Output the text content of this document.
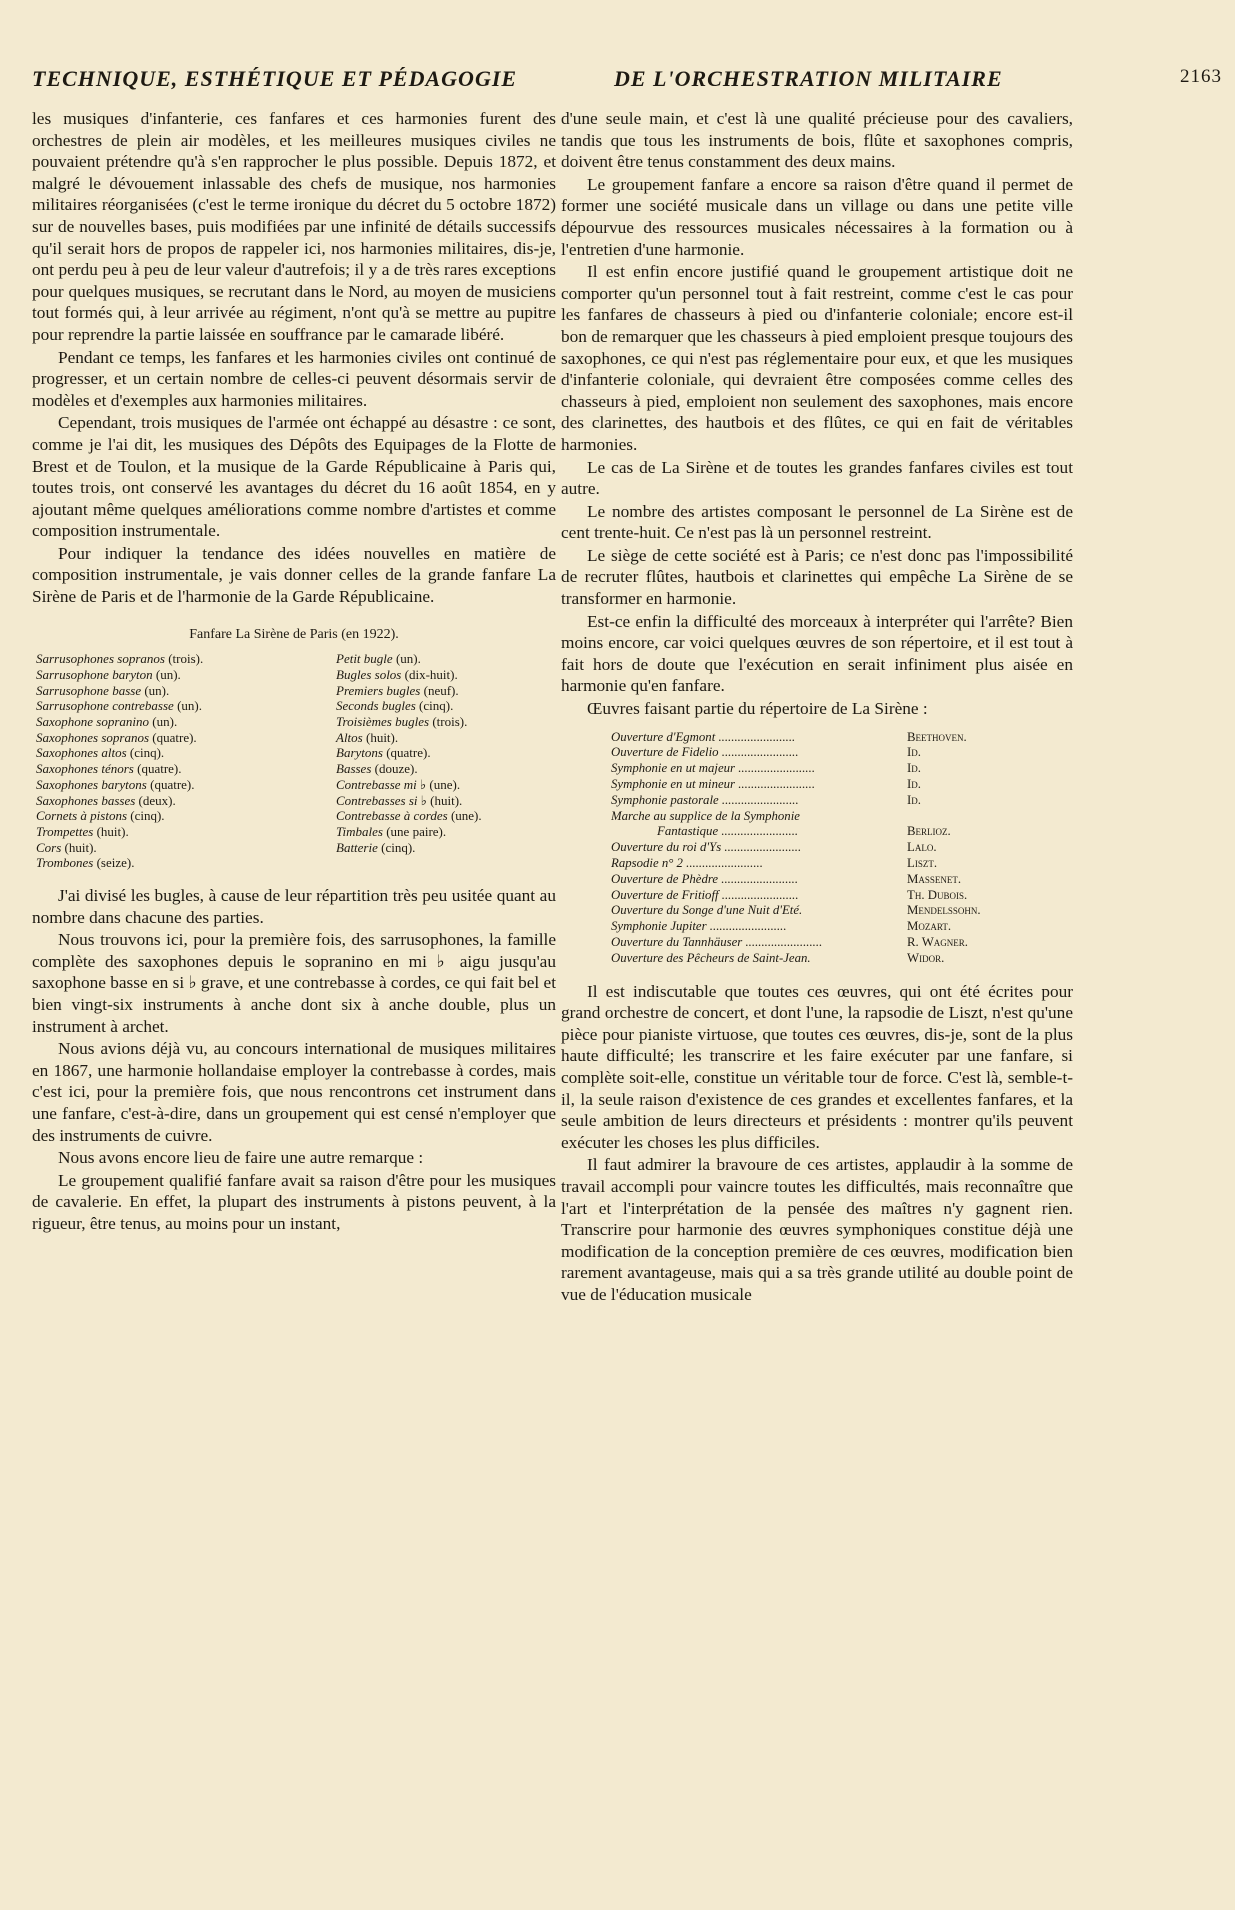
TECHNIQUE, ESTHÉTIQUE ET PÉDAGOGIE	DE L'ORCHESTRATION MILITAIRE	2163

les musiques d'infanterie, ces fanfares et ces harmonies furent des orchestres de plein air modèles, et les meilleures musiques civiles ne pouvaient prétendre qu'à s'en rapprocher le plus possible. Depuis 1872, et malgré le dévouement inlassable des chefs de musique, nos harmonies militaires réorganisées (c'est le terme ironique du décret du 5 octobre 1872) sur de nouvelles bases, puis modifiées par une infinité de détails successifs qu'il serait hors de propos de rappeler ici, nos harmonies militaires, dis-je, ont perdu peu à peu de leur valeur d'autrefois; il y a de très rares exceptions pour quelques musiques, se recrutant dans le Nord, au moyen de musiciens tout formés qui, à leur arrivée au régiment, n'ont qu'à se mettre au pupitre pour reprendre la partie laissée en souffrance par le camarade libéré.

Pendant ce temps, les fanfares et les harmonies civiles ont continué de progresser, et un certain nombre de celles-ci peuvent désormais servir de modèles et d'exemples aux harmonies militaires.

Cependant, trois musiques de l'armée ont échappé au désastre : ce sont, comme je l'ai dit, les musiques des Dépôts des Equipages de la Flotte de Brest et de Toulon, et la musique de la Garde Républicaine à Paris qui, toutes trois, ont conservé les avantages du décret du 16 août 1854, en y ajoutant même quelques améliorations comme nombre d'artistes et comme composition instrumentale.

Pour indiquer la tendance des idées nouvelles en matière de composition instrumentale, je vais donner celles de la grande fanfare La Sirène de Paris et de l'harmonie de la Garde Républicaine.

Fanfare La Sirène de Paris (en 1922).
Sarrusophones sopranos (trois).
Sarrusophone baryton (un).
Sarrusophone basse (un).
Sarrusophone contrebasse (un).
Saxophone sopranino (un).
Saxophones sopranos (quatre).
Saxophones altos (cinq).
Saxophones ténors (quatre).
Saxophones barytons (quatre).
Saxophones basses (deux).
Cornets à pistons (cinq).
Trompettes (huit).
Cors (huit).
Trombones (seize).
Petit bugle (un).
Bugles solos (dix-huit).
Premiers bugles (neuf).
Seconds bugles (cinq).
Troisièmes bugles (trois).
Altos (huit).
Barytons (quatre).
Basses (douze).
Contrebasse mi ♭ (une).
Contrebasses si ♭ (huit).
Contrebasse à cordes (une).
Timbales (une paire).
Batterie (cinq).

J'ai divisé les bugles, à cause de leur répartition très peu usitée quant au nombre dans chacune des parties.

Nous trouvons ici, pour la première fois, des sarrusophones, la famille complète des saxophones depuis le sopranino en mi ♭ aigu jusqu'au saxophone basse en si ♭ grave, et une contrebasse à cordes, ce qui fait bel et bien vingt-six instruments à anche dont six à anche double, plus un instrument à archet.

Nous avions déjà vu, au concours international de musiques militaires en 1867, une harmonie hollandaise employer la contrebasse à cordes, mais c'est ici, pour la première fois, que nous rencontrons cet instrument dans une fanfare, c'est-à-dire, dans un groupement qui est censé n'employer que des instruments de cuivre.

Nous avons encore lieu de faire une autre remarque :

Le groupement qualifié fanfare avait sa raison d'être pour les musiques de cavalerie. En effet, la plupart des instruments à pistons peuvent, à la rigueur, être tenus, au moins pour un instant,

d'une seule main, et c'est là une qualité précieuse pour des cavaliers, tandis que tous les instruments de bois, flûte et saxophones compris, doivent être tenus constamment des deux mains.

Le groupement fanfare a encore sa raison d'être quand il permet de former une société musicale dans un village ou dans une petite ville dépourvue des ressources musicales nécessaires à la formation ou à l'entretien d'une harmonie.

Il est enfin encore justifié quand le groupement artistique doit ne comporter qu'un personnel tout à fait restreint, comme c'est le cas pour les fanfares de chasseurs à pied ou d'infanterie coloniale; encore est-il bon de remarquer que les chasseurs à pied emploient presque toujours des saxophones, ce qui n'est pas réglementaire pour eux, et que les musiques d'infanterie coloniale, qui devraient être composées comme celles des chasseurs à pied, emploient non seulement des saxophones, mais encore des clarinettes, des hautbois et des flûtes, ce qui en fait de véritables harmonies.

Le cas de La Sirène et de toutes les grandes fanfares civiles est tout autre.

Le nombre des artistes composant le personnel de La Sirène est de cent trente-huit. Ce n'est pas là un personnel restreint.

Le siège de cette société est à Paris; ce n'est donc pas l'impossibilité de recruter flûtes, hautbois et clarinettes qui empêche La Sirène de se transformer en harmonie.

Est-ce enfin la difficulté des morceaux à interpréter qui l'arrête? Bien moins encore, car voici quelques œuvres de son répertoire, et il est tout à fait hors de doute que l'exécution en serait infiniment plus aisée en harmonie qu'en fanfare.

Œuvres faisant partie du répertoire de La Sirène :

Ouverture d'Egmont ........................	Beethoven.
Ouverture de Fidelio ........................	Id.
Symphonie en ut majeur ........................	Id.
Symphonie en ut mineur ........................	Id.
Symphonie pastorale ........................	Id.
Marche au supplice de la Symphonie
Fantastique ........................	Berlioz.
Ouverture du roi d'Ys ........................	Lalo.
Rapsodie n° 2 ........................	Liszt.
Ouverture de Phèdre ........................	Massenet.
Ouverture de Fritioff ........................	Th. Dubois.
Ouverture du Songe d'une Nuit d'Eté.	Mendelssohn.
Symphonie Jupiter ........................	Mozart.
Ouverture du Tannhäuser ........................	R. Wagner.
Ouverture des Pêcheurs de Saint-Jean.	Widor.

Il est indiscutable que toutes ces œuvres, qui ont été écrites pour grand orchestre de concert, et dont l'une, la rapsodie de Liszt, n'est qu'une pièce pour pianiste virtuose, que toutes ces œuvres, dis-je, sont de la plus haute difficulté; les transcrire et les faire exécuter par une fanfare, si complète soit-elle, constitue un véritable tour de force. C'est là, semble-t-il, la seule raison d'existence de ces grandes et excellentes fanfares, et la seule ambition de leurs directeurs et présidents : montrer qu'ils peuvent exécuter les choses les plus difficiles.

Il faut admirer la bravoure de ces artistes, applaudir à la somme de travail accompli pour vaincre toutes les difficultés, mais reconnaître que l'art et l'interprétation de la pensée des maîtres n'y gagnent rien. Transcrire pour harmonie des œuvres symphoniques constitue déjà une modification de la conception première de ces œuvres, modification bien rarement avantageuse, mais qui a sa très grande utilité au double point de vue de l'éducation musicale
